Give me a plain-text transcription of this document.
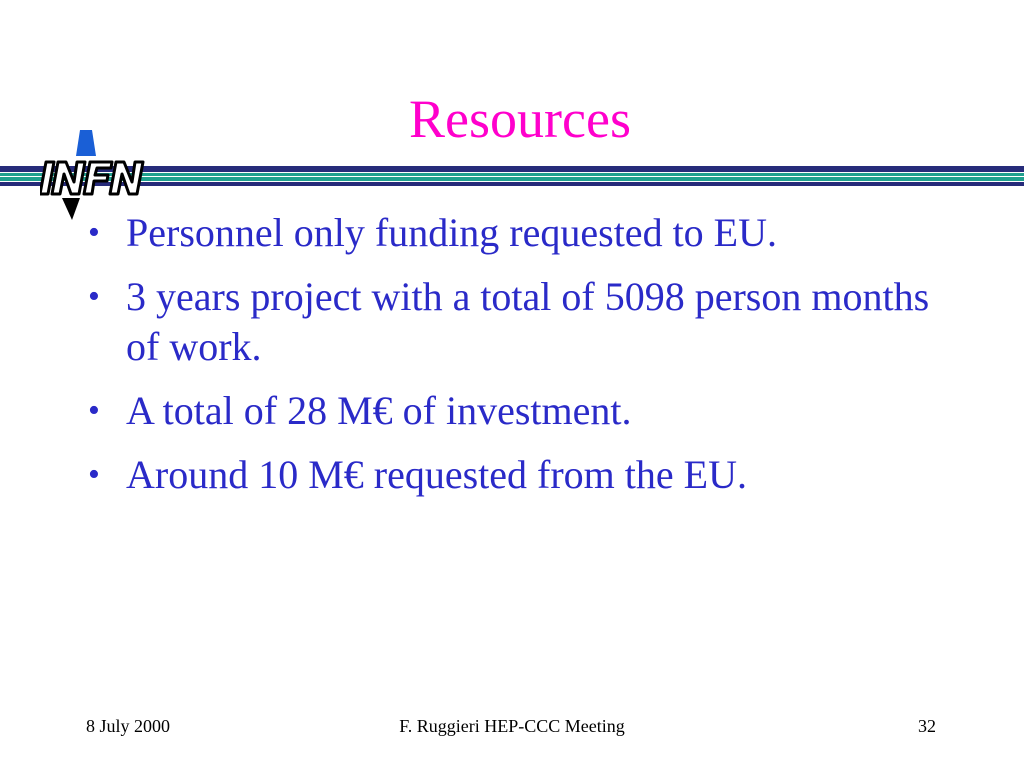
INFN	Resources
• Personnel only funding requested to EU.
• 3 years project with a total of 5098 person months of work.
• A total of 28 M€ of investment.
• Around 10 M€ requested from the EU.
8 July 2000	F. Ruggieri HEP-CCC Meeting	32
